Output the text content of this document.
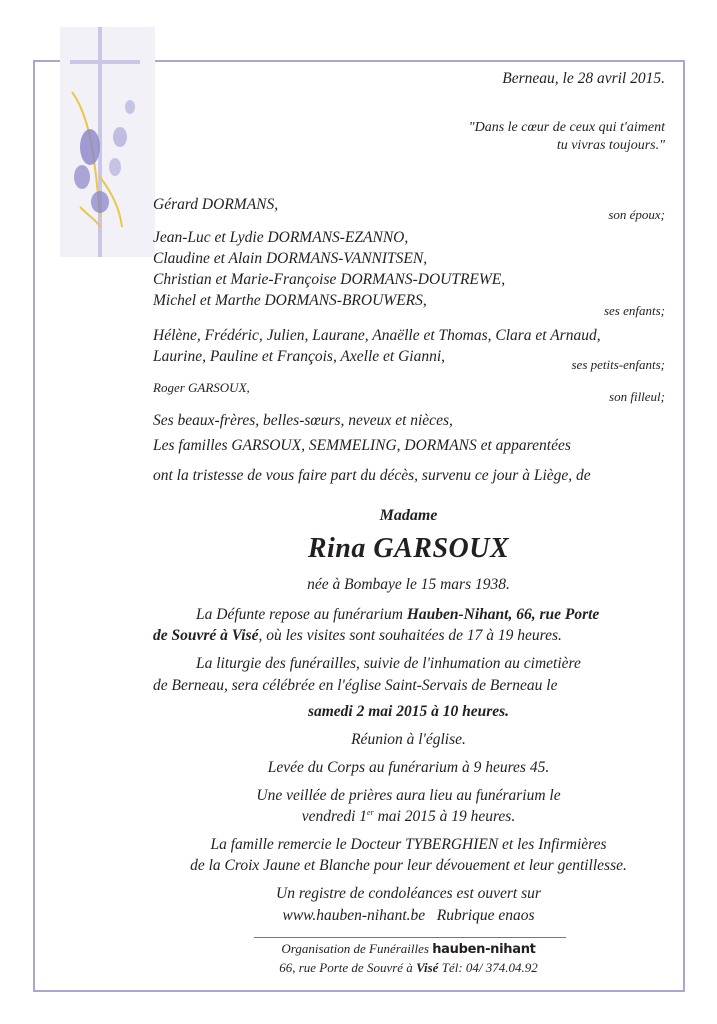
Berneau, le 28 avril 2015.
"Dans le cœur de ceux qui t'aiment
tu vivras toujours."
Gérard DORMANS,
son époux;
Jean-Luc et Lydie DORMANS-EZANNO,
Claudine et Alain DORMANS-VANNITSEN,
Christian et Marie-Françoise DORMANS-DOUTREWE,
Michel et Marthe DORMANS-BROUWERS,
ses enfants;
Hélène, Frédéric, Julien, Laurane, Anaëlle et Thomas, Clara et Arnaud,
Laurine, Pauline et François, Axelle et Gianni,	ses petits-enfants;
Roger GARSOUX,
son filleul;
Ses beaux-frères, belles-sœurs, neveux et nièces,
Les familles GARSOUX, SEMMELING, DORMANS et apparentées
ont la tristesse de vous faire part du décès, survenu ce jour à Liège, de
Madame
Rina GARSOUX
née à Bombaye le 15 mars 1938.
La Défunte repose au funérarium Hauben-Nihant, 66, rue Porte
de Souvré à Visé, où les visites sont souhaitées de 17 à 19 heures.
La liturgie des funérailles, suivie de l'inhumation au cimetière
de Berneau, sera célébrée en l'église Saint-Servais de Berneau le
samedi 2 mai 2015 à 10 heures.
Réunion à l'église.
Levée du Corps au funérarium à 9 heures 45.
Une veillée de prières aura lieu au funérarium le
vendredi 1er mai 2015 à 19 heures.
La famille remercie le Docteur TYBERGHIEN et les Infirmières
de la Croix Jaune et Blanche pour leur dévouement et leur gentillesse.
Un registre de condoléances est ouvert sur
www.hauben-nihant.be   Rubrique enaos
Organisation de Funérailles hauben-nihant
66, rue Porte de Souvré à Visé Tél: 04/ 374.04.92
